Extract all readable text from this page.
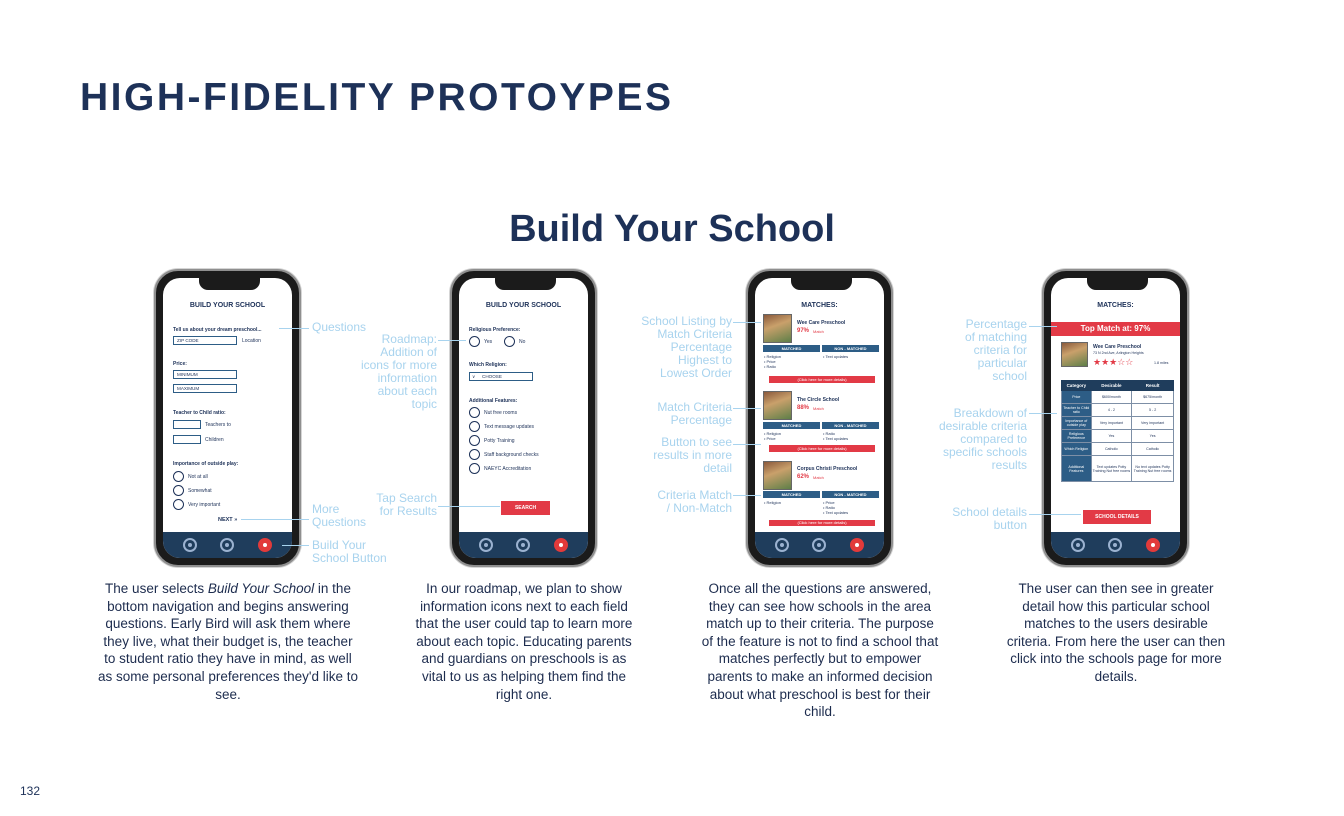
HIGH-FIDELITY PROTOYPES
Build Your School
132
BUILD YOUR SCHOOL
Tell us about your dream preschool...
ZIP CODE	Location
Price:
MINIMUM
MAXIMUM
Teacher to Child ratio:
Teachers to
Children
Importance of outside play:
Not at all
Somewhat
Very important
NEXT »
BUILD YOUR SCHOOL
Religious Preference:
Yes	No
Which Religion:
CHOOSE
∨
Additional Features:
Nut free rooms
Text message updates
Potty Training
Staff background checks
NAEYC Accreditation
SEARCH
MATCHES:
Wee Care Preschool
97% Match
MATCHED	NON - MATCHED
• Religion
• Price
• Ratio
• Text updates
(Click here for more details)
The Circle School
88% Match
MATCHED	NON - MATCHED
• Religion
• Price
• Ratio
• Text updates
(Click here for more details)
Corpus Christi Preschool
62% Match
MATCHED	NON - MATCHED
• Religion	• Price
• Ratio
• Text updates
(Click here for more details)
MATCHES:
Top Match at: 97%
Wee Care Preschool
73 N 2nd Ave, Arlington Heights
★★★☆☆	1.8 miles
Category	Desirable	Result
Price	$600/month	$675/month
Teacher to Child ratio	4 - 2	5 - 2
Importance of outside play	Very important	Very important
Religious Preference	Yes	Yes
Which Religion	Catholic	Catholic
Additional Features	Text updates Potty Training Nut free rooms	No text updates Potty Training Nut free rooms
SCHOOL DETAILS
Questions
More
Questions
Build Your
School Button
Roadmap:
Addition of
icons for more
information
about each
topic
Tap Search
for Results
School Listing by
Match Criteria
Percentage
Highest to
Lowest Order
Match Criteria
Percentage
Button to see
results in more
detail
Criteria Match
/ Non-Match
Percentage
of matching
criteria for
particular
school
Breakdown of
desirable criteria
compared to
specific schools
results
School details
button
The user selects Build Your School in the bottom navigation and begins answering questions. Early Bird will ask them where they live, what their budget is, the teacher to student ratio they have in mind, as well as some personal preferences they'd like to see.
In our roadmap, we plan to show information icons next to each field that the user could tap to learn more about each topic. Educating parents and guardians on preschools is as vital to us as helping them find the right one.
Once all the questions are answered, they can see how schools in the area match up to their criteria. The purpose of the feature is not to find a school that matches perfectly but to empower parents to make an informed decision about what preschool is best for their child.
The user can then see in greater detail how this particular school matches to the users desirable criteria. From here the user can then click into the schools page for more details.
